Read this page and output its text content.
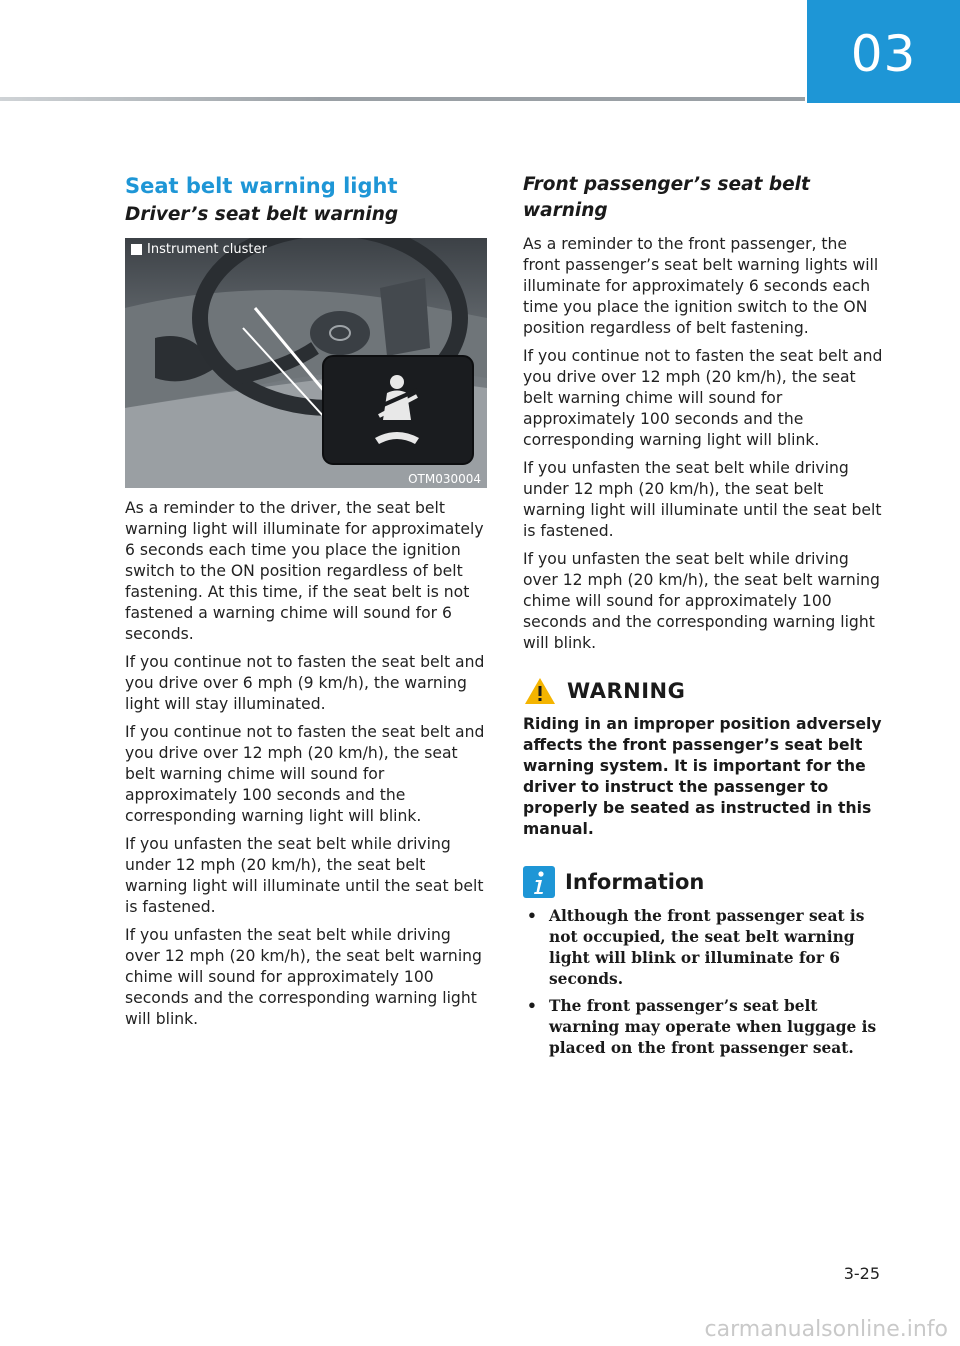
03
Seat belt warning light
Driver’s seat belt warning
Instrument cluster
OTM030004

As a reminder to the driver, the seat belt warning light will illuminate for approximately 6 seconds each time you place the ignition switch to the ON position regardless of belt fastening. At this time, if the seat belt is not fastened a warning chime will sound for 6 seconds.

If you continue not to fasten the seat belt and you drive over 6 mph (9 km/h), the warning light will stay illuminated.

If you continue not to fasten the seat belt and you drive over 12 mph (20 km/h), the seat belt warning chime will sound for approximately 100 seconds and the corresponding warning light will blink.

If you unfasten the seat belt while driving under 12 mph (20 km/h), the seat belt warning light will illuminate until the seat belt is fastened.

If you unfasten the seat belt while driving over 12 mph (20 km/h), the seat belt warning chime will sound for approximately 100 seconds and the corresponding warning light will blink.

Front passenger’s seat belt warning

As a reminder to the front passenger, the front passenger’s seat belt warning lights will illuminate for approximately 6 seconds each time you place the ignition switch to the ON position regardless of belt fastening.

If you continue not to fasten the seat belt and you drive over 12 mph (20 km/h), the seat belt warning chime will sound for approximately 100 seconds and the corresponding warning light will blink.

If you unfasten the seat belt while driving under 12 mph (20 km/h), the seat belt warning light will illuminate until the seat belt is fastened.

If you unfasten the seat belt while driving over 12 mph (20 km/h), the seat belt warning chime will sound for approximately 100 seconds and the corresponding warning light will blink.

WARNING

Riding in an improper position adversely affects the front passenger’s seat belt warning system. It is important for the driver to instruct the passenger to properly be seated as instructed in this manual.

Information
• Although the front passenger seat is not occupied, the seat belt warning light will blink or illuminate for 6 seconds.
• The front passenger’s seat belt warning may operate when luggage is placed on the front passenger seat.
3-25
carmanualsonline.info
